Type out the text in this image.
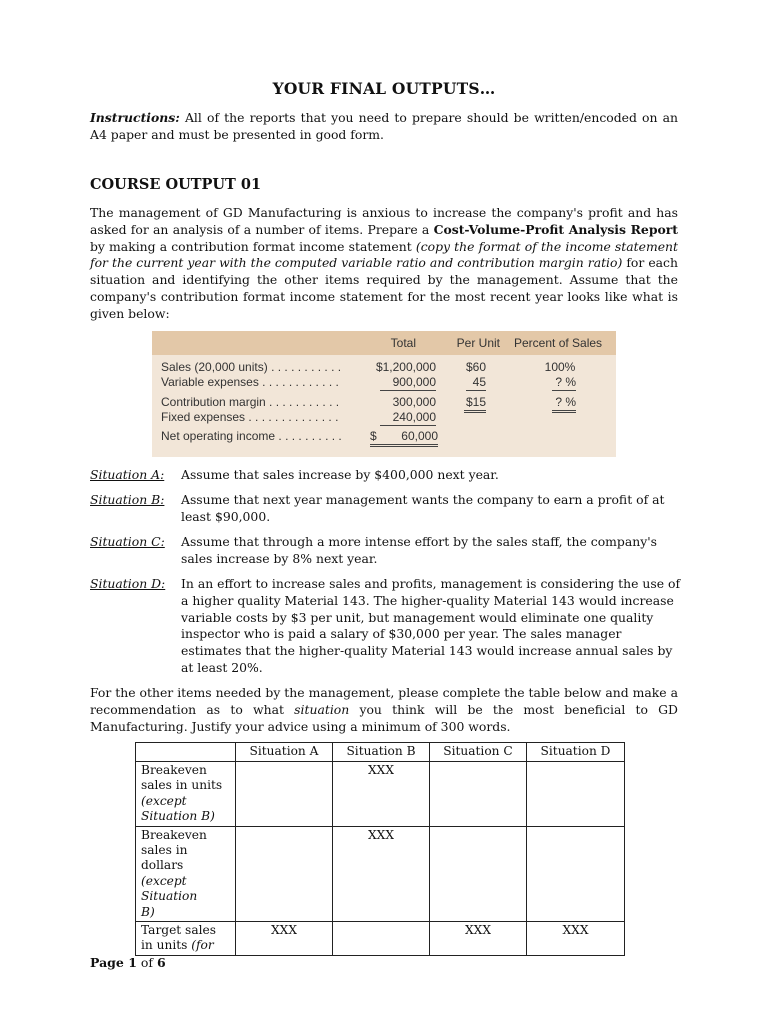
YOUR FINAL OUTPUTS…
Instructions: All of the reports that you need to prepare should be written/encoded on an A4 paper and must be presented in good form.
COURSE OUTPUT 01
The management of GD Manufacturing is anxious to increase the company's profit and has asked for an analysis of a number of items. Prepare a Cost-Volume-Profit Analysis Report by making a contribution format income statement (copy the format of the income statement for the current year with the computed variable ratio and contribution margin ratio) for each situation and identifying the other items required by the management. Assume that the company's contribution format income statement for the most recent year looks like what is given below:
Total	Per Unit Percent of Sales
Sales (20,000 units) . . . . . . . . . . .	$1,200,000	$60	100%
Variable expenses . . . . . . . . . . . .	900,000	45	? %
Contribution margin . . . . . . . . . . .	300,000 $15	? %
Fixed expenses . . . . . . . . . . . . . .	240,000
Net operating income . . . . . . . . . . $ 60,000
Situation A: Assume that sales increase by $400,000 next year.
Situation B: Assume that next year management wants the company to earn a profit of at least $90,000.
Situation C: Assume that through a more intense effort by the sales staff, the company's sales increase by 8% next year.
Situation D: In an effort to increase sales and profits, management is considering the use of a higher quality Material 143. The higher-quality Material 143 would increase variable costs by $3 per unit, but management would eliminate one quality inspector who is paid a salary of $30,000 per year. The sales manager estimates that the higher-quality Material 143 would increase annual sales by at least 20%.
For the other items needed by the management, please complete the table below and make a recommendation as to what situation you think will be the most beneficial to GD Manufacturing. Justify your advice using a minimum of 300 words.
	Situation A	Situation B	Situation C	Situation D
Breakeven sales in units
(except Situation B)		XXX		
Breakeven sales in dollars
(except Situation B)		XXX		
Target sales in units (for	XXX		XXX	XXX
Page 1 of 6
